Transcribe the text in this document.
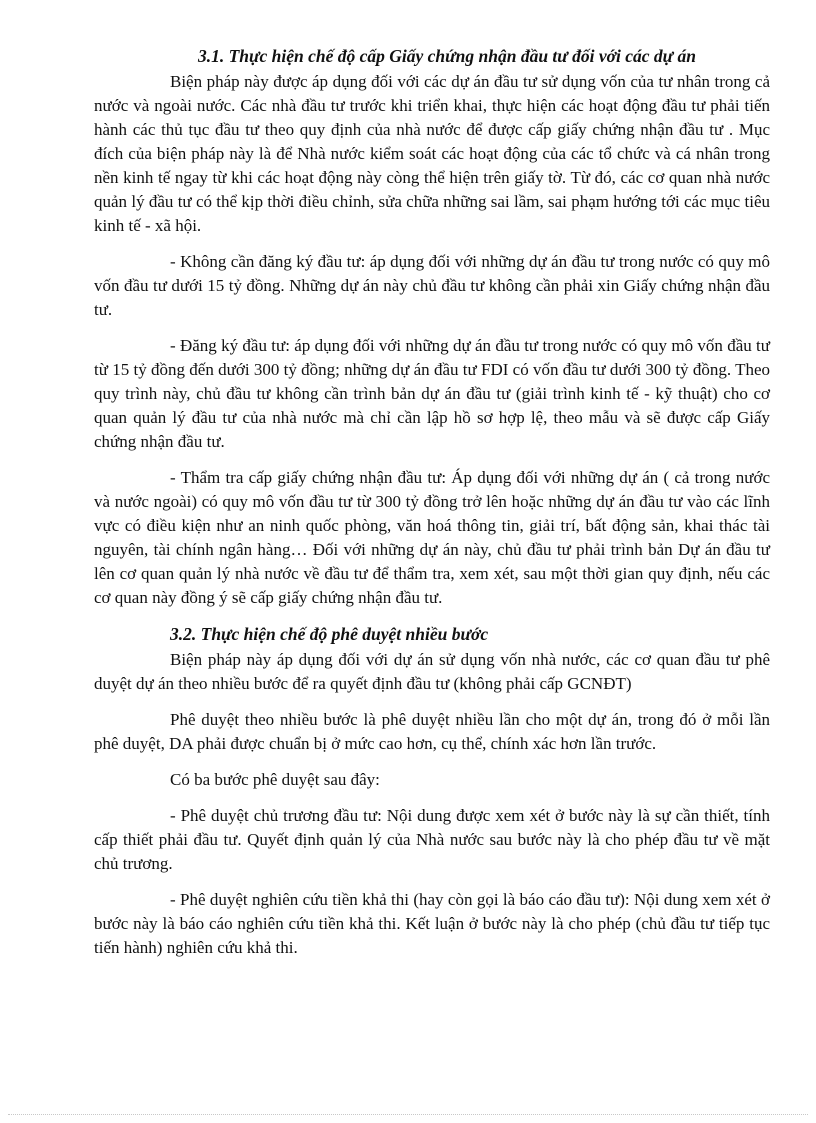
3.1. Thực hiện chế độ cấp Giấy chứng nhận đầu tư đối với các dự án

Biện pháp này được áp dụng đối với các dự án đầu tư sử dụng vốn của tư nhân trong cả nước và ngoài nước. Các nhà đầu tư trước khi triển khai, thực hiện các hoạt động đầu tư phải tiến hành các thủ tục đầu tư theo quy định của nhà nước để được cấp giấy chứng nhận đầu tư . Mục đích của biện pháp này là để Nhà nước kiểm soát các hoạt động của các tổ chức và cá nhân trong nền kinh tế ngay từ khi các hoạt động này còng thể hiện trên giấy tờ. Từ đó, các cơ quan nhà nước quản lý đầu tư có thể kịp thời điều chỉnh, sửa chữa những sai lầm, sai phạm hướng tới các mục tiêu kinh tế - xã hội.

- Không cần đăng ký đầu tư: áp dụng đối với những dự án đầu tư trong nước có quy mô vốn đầu tư dưới 15 tỷ đồng. Những dự án này chủ đầu tư không cần phải xin Giấy chứng nhận đầu tư.

- Đăng ký đầu tư: áp dụng đối với những dự án đầu tư trong nước có quy mô vốn đầu tư từ 15 tỷ đồng đến dưới 300 tỷ đồng; những dự án đầu tư FDI có vốn đầu tư dưới 300 tỷ đồng. Theo quy trình này, chủ đầu tư không cần trình bản dự án đầu tư (giải trình kinh tế - kỹ thuật) cho cơ quan quản lý đầu tư của nhà nước mà chỉ cần lập hồ sơ hợp lệ, theo mẫu và sẽ được cấp Giấy chứng nhận đầu tư.

- Thẩm tra cấp giấy chứng nhận đầu tư: Áp dụng đối với những dự án ( cả trong nước và nước ngoài) có quy mô vốn đầu tư từ 300 tỷ đồng trở lên hoặc những dự án đầu tư vào các lĩnh vực có điều kiện như an ninh quốc phòng, văn hoá thông tin, giải trí, bất động sản, khai thác tài nguyên, tài chính ngân hàng… Đối với những dự án này, chủ đầu tư phải trình bản Dự án đầu tư lên cơ quan quản lý nhà nước về đầu tư để thẩm tra, xem xét, sau một thời gian quy định, nếu các cơ quan này đồng ý sẽ cấp giấy chứng nhận đầu tư.

3.2. Thực hiện chế độ phê duyệt nhiều bước

Biện pháp này áp dụng đối với dự án sử dụng vốn nhà nước, các cơ quan đầu tư phê duyệt dự án theo nhiều bước để ra quyết định đầu tư (không phải cấp GCNĐT)

Phê duyệt theo nhiều bước là phê duyệt nhiều lần cho một dự án, trong đó ở mỗi lần phê duyệt, DA phải được chuẩn bị ở mức cao hơn, cụ thể, chính xác hơn lần trước.

Có ba bước phê duyệt sau đây:

- Phê duyệt chủ trương đầu tư: Nội dung được xem xét ở bước này là sự cần thiết, tính cấp thiết phải đầu tư. Quyết định quản lý của Nhà nước sau bước này là cho phép đầu tư về mặt chủ trương.

- Phê duyệt nghiên cứu tiền khả thi (hay còn gọi là báo cáo đầu tư): Nội dung xem xét ở bước này là báo cáo nghiên cứu tiền khả thi. Kết luận ở bước này là cho phép (chủ đầu tư tiếp tục tiến hành) nghiên cứu khả thi.
